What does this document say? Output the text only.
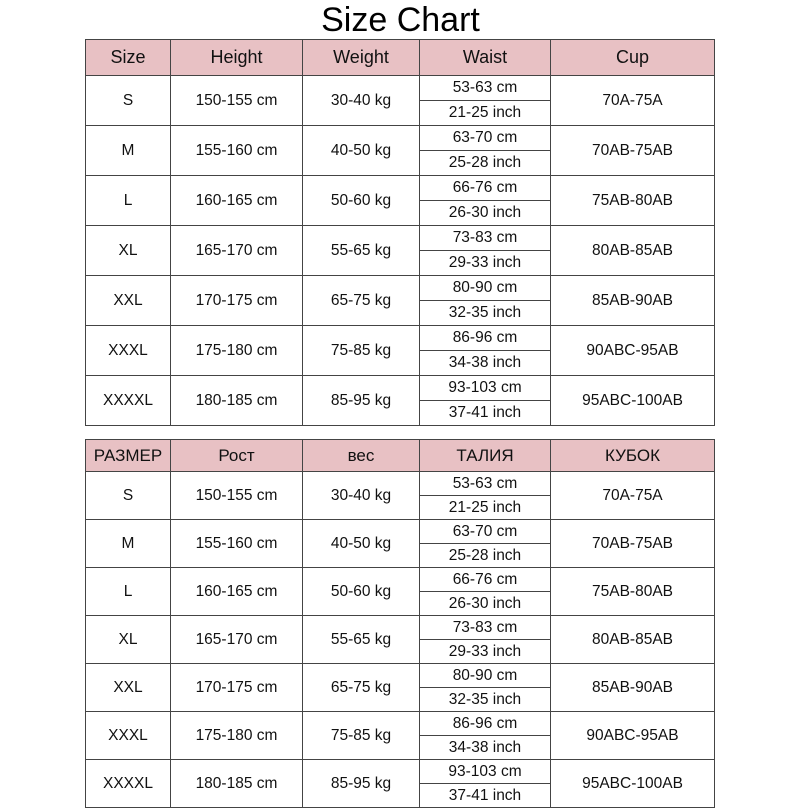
Size Chart
Size	Height	Weight	Waist	Cup
S	150-155 cm	30-40 kg	53-63 cm	70A-75A
			21-25 inch	
M	155-160 cm	40-50 kg	63-70 cm	70AB-75AB
			25-28 inch	
L	160-165 cm	50-60 kg	66-76 cm	75AB-80AB
			26-30 inch	
XL	165-170 cm	55-65 kg	73-83 cm	80AB-85AB
			29-33 inch	
XXL	170-175 cm	65-75 kg	80-90 cm	85AB-90AB
			32-35 inch	
XXXL	175-180 cm	75-85 kg	86-96 cm	90ABC-95AB
			34-38 inch	
XXXXL	180-185 cm	85-95 kg	93-103 cm	95ABC-100AB
			37-41 inch	
РАЗМЕР	Рост	вес	ТАЛИЯ	КУБОК
S	150-155 cm	30-40 kg	53-63 cm	70A-75A
			21-25 inch	
M	155-160 cm	40-50 kg	63-70 cm	70AB-75AB
			25-28 inch	
L	160-165 cm	50-60 kg	66-76 cm	75AB-80AB
			26-30 inch	
XL	165-170 cm	55-65 kg	73-83 cm	80AB-85AB
			29-33 inch	
XXL	170-175 cm	65-75 kg	80-90 cm	85AB-90AB
			32-35 inch	
XXXL	175-180 cm	75-85 kg	86-96 cm	90ABC-95AB
			34-38 inch	
XXXXL	180-185 cm	85-95 kg	93-103 cm	95ABC-100AB
			37-41 inch	
